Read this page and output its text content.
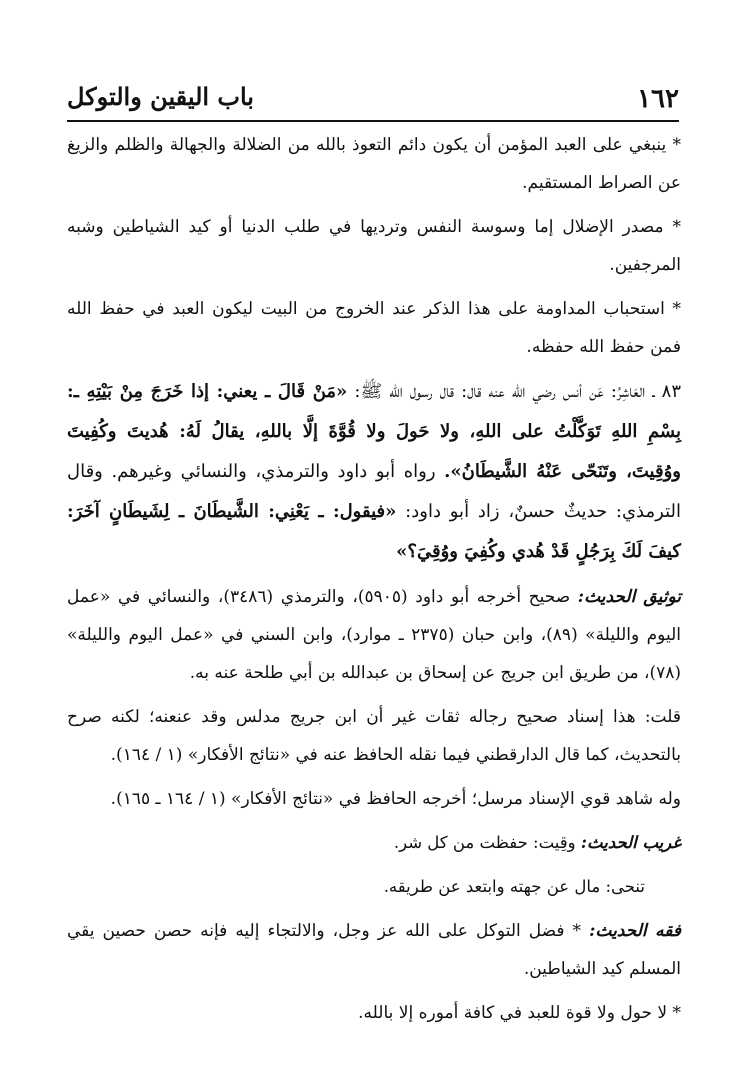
١٦٢
باب اليقين والتوكل

* ينبغي على العبد المؤمن أن يكون دائم التعوذ بالله من الضلالة والجهالة والظلم والزيغ عن الصراط المستقيم.

* مصدر الإضلال إما وسوسة النفس وترديها في طلب الدنيا أو كيد الشياطين وشبه المرجفين.

* استحباب المداومة على هذا الذكر عند الخروج من البيت ليكون العبد في حفظ الله فمن حفظ الله حفظه.

٨٣ ـ العَاشِرُ: عَن أنس رضي الله عنه قال: قال رسول الله ﷺ: «مَنْ قَالَ ـ يعني: إذا خَرَجَ مِنْ بَيْتِهِ ـ: بِسْمِ اللهِ تَوَكَّلْتُ على اللهِ، ولا حَولَ ولا قُوَّةَ إلَّا باللهِ، يقالُ لَهُ: هُديتَ وكُفِيتَ ووُقِيتَ، وتَنَحّى عَنْهُ الشَّيطَانُ». رواه أبو داود والترمذي، والنسائي وغيرهم. وقال الترمذي: حديثٌ حسنٌ، زاد أبو داود: «فيقول: ـ يَعْنِي: الشَّيطَانَ ـ لِشَيطَانٍ آخَرَ: كيفَ لَكَ بِرَجُلٍ قَدْ هُدي وكُفِيَ ووُقِيَ؟»

توثيق الحديث: صحيح أخرجه أبو داود (٥٩٠٥)، والترمذي (٣٤٨٦)، والنسائي في «عمل اليوم والليلة» (٨٩)، وابن حبان (٢٣٧٥ ـ موارد)، وابن السني في «عمل اليوم والليلة» (٧٨)، من طريق ابن جريج عن إسحاق بن عبدالله بن أبي طلحة عنه به.

قلت: هذا إسناد صحيح رجاله ثقات غير أن ابن جريج مدلس وقد عنعنه؛ لكنه صرح بالتحديث، كما قال الدارقطني فيما نقله الحافظ عنه في «نتائج الأفكار» (١ / ١٦٤).

وله شاهد قوي الإسناد مرسل؛ أخرجه الحافظ في «نتائج الأفكار» (١ / ١٦٤ ـ ١٦٥).

غريب الحديث: وقِيت: حفظت من كل شر.

تنحى: مال عن جهته وابتعد عن طريقه.

فقه الحديث: * فضل التوكل على الله عز وجل، والالتجاء إليه فإنه حصن حصين يقي المسلم كيد الشياطين.

* لا حول ولا قوة للعبد في كافة أموره إلا بالله.
